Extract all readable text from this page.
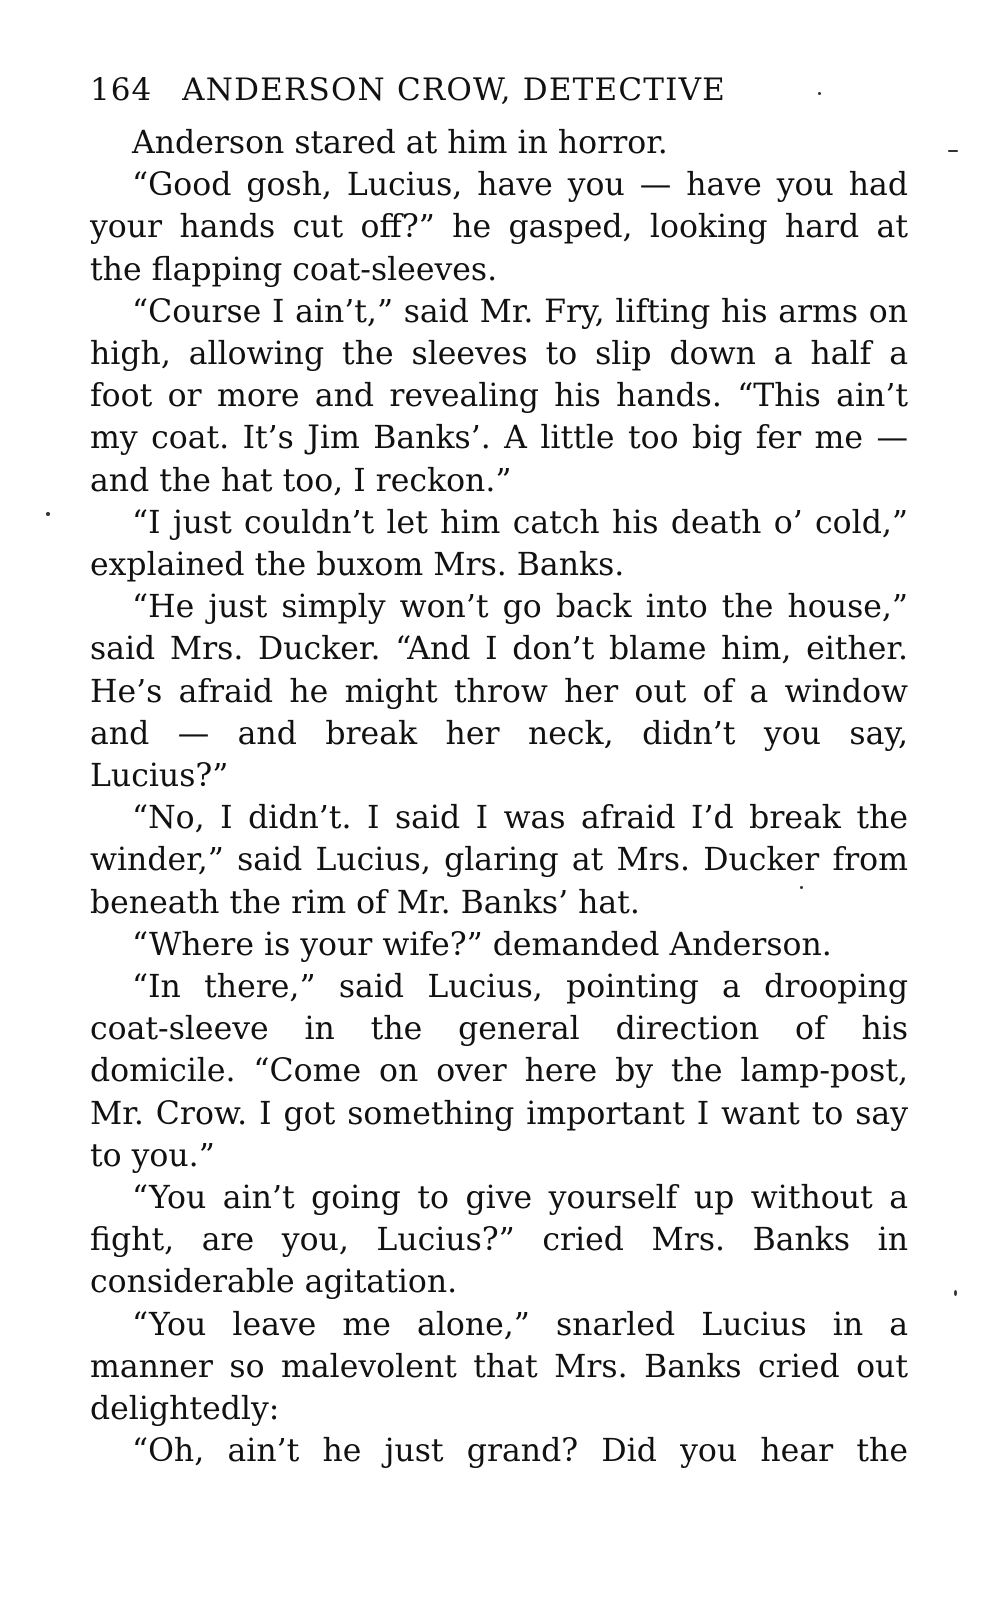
164 ANDERSON CROW, DETECTIVE

Anderson stared at him in horror.

“Good gosh, Lucius, have you — have you had your hands cut off?” he gasped, looking hard at the flapping coat-sleeves.

“Course I ain’t,” said Mr. Fry, lifting his arms on high, allowing the sleeves to slip down a half a foot or more and revealing his hands. “This ain’t my coat. It’s Jim Banks’. A little too big fer me — and the hat too, I reckon.”

“I just couldn’t let him catch his death o’ cold,” explained the buxom Mrs. Banks.

“He just simply won’t go back into the house,” said Mrs. Ducker. “And I don’t blame him, either. He’s afraid he might throw her out of a window and — and break her neck, didn’t you say, Lucius?”

“No, I didn’t. I said I was afraid I’d break the winder,” said Lucius, glaring at Mrs. Ducker from beneath the rim of Mr. Banks’ hat.

“Where is your wife?” demanded Anderson.

“In there,” said Lucius, pointing a drooping coat-sleeve in the general direction of his domicile. “Come on over here by the lamp-post, Mr. Crow. I got something important I want to say to you.”

“You ain’t going to give yourself up without a fight, are you, Lucius?” cried Mrs. Banks in considerable agitation.

“You leave me alone,” snarled Lucius in a manner so malevolent that Mrs. Banks cried out delightedly:

“Oh, ain’t he just grand? Did you hear the
